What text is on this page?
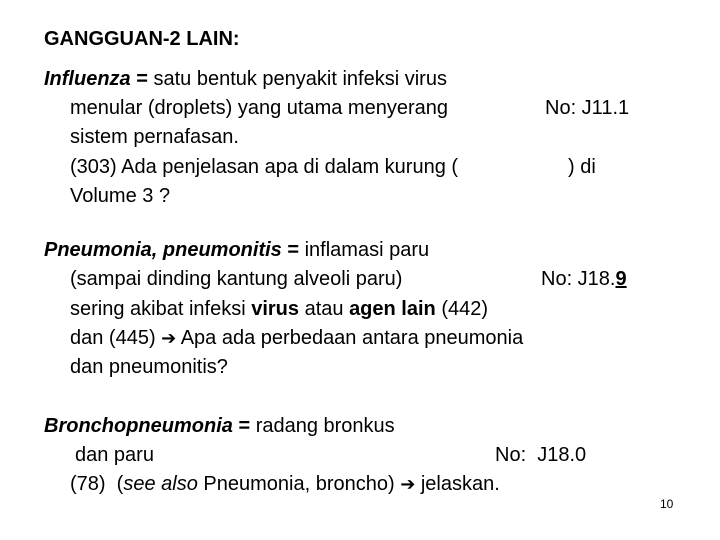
GANGGUAN-2 LAIN:
Influenza = satu bentuk penyakit infeksi virus
menular (droplets) yang utama menyerang	No: J11.1
sistem pernafasan.
(303) Ada penjelasan apa di dalam kurung (	) di
Volume 3 ?
Pneumonia, pneumonitis = inflamasi paru
(sampai dinding kantung alveoli paru)	No: J18.9
sering akibat infeksi virus atau agen lain (442)
dan (445) ➔ Apa ada perbedaan antara pneumonia
dan pneumonitis?
Bronchopneumonia = radang bronkus
dan paru	No:  J18.0
(78)  (see also Pneumonia, broncho) ➔ jelaskan.
10
